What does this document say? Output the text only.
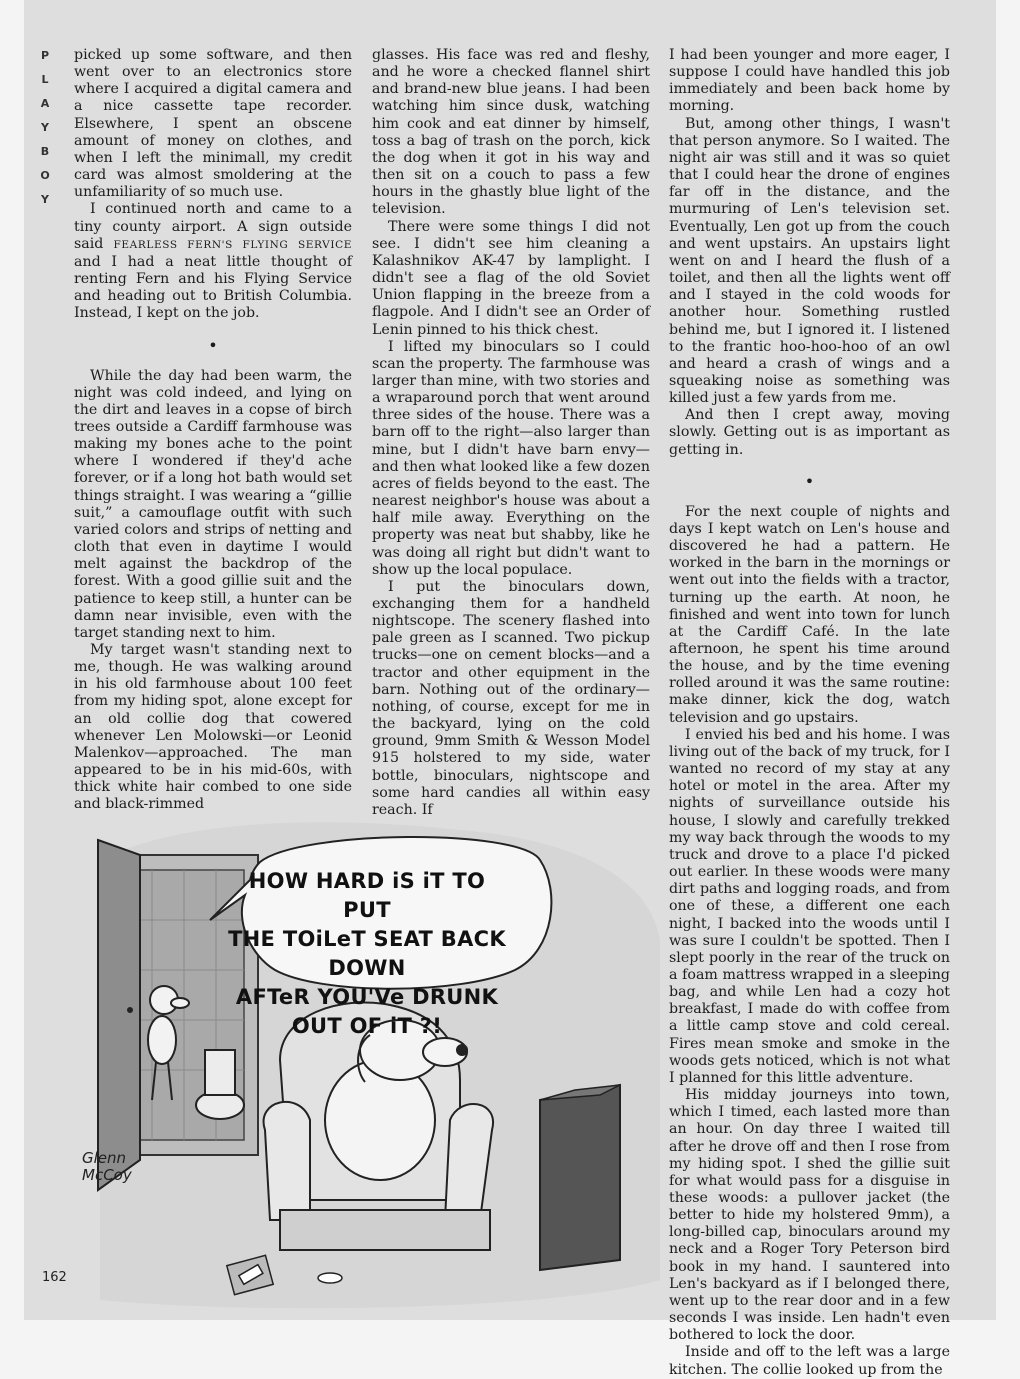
P
L
A
Y
B
O
Y

picked up some software, and then went over to an electronics store where I acquired a digital camera and a nice cassette tape recorder. Elsewhere, I spent an obscene amount of money on clothes, and when I left the minimall, my credit card was almost smoldering at the unfamiliarity of so much use.

I continued north and came to a tiny county airport. A sign outside said FEARLESS FERN'S FLYING SERVICE and I had a neat little thought of renting Fern and his Flying Service and heading out to British Columbia. Instead, I kept on the job.

•

While the day had been warm, the night was cold indeed, and lying on the dirt and leaves in a copse of birch trees outside a Cardiff farmhouse was making my bones ache to the point where I wondered if they'd ache forever, or if a long hot bath would set things straight. I was wearing a “gillie suit,” a camouflage outfit with such varied colors and strips of netting and cloth that even in daytime I would melt against the backdrop of the forest. With a good gillie suit and the patience to keep still, a hunter can be damn near invisible, even with the target standing next to him.

My target wasn't standing next to me, though. He was walking around in his old farmhouse about 100 feet from my hiding spot, alone except for an old collie dog that cowered whenever Len Molowski—or Leonid Malenkov—approached. The man appeared to be in his mid-60s, with thick white hair combed to one side and black-rimmed

glasses. His face was red and fleshy, and he wore a checked flannel shirt and brand-new blue jeans. I had been watching him since dusk, watching him cook and eat dinner by himself, toss a bag of trash on the porch, kick the dog when it got in his way and then sit on a couch to pass a few hours in the ghastly blue light of the television.

There were some things I did not see. I didn't see him cleaning a Kalashnikov AK-47 by lamplight. I didn't see a flag of the old Soviet Union flapping in the breeze from a flagpole. And I didn't see an Order of Lenin pinned to his thick chest.

I lifted my binoculars so I could scan the property. The farmhouse was larger than mine, with two stories and a wraparound porch that went around three sides of the house. There was a barn off to the right—also larger than mine, but I didn't have barn envy—and then what looked like a few dozen acres of fields beyond to the east. The nearest neighbor's house was about a half mile away. Everything on the property was neat but shabby, like he was doing all right but didn't want to show up the local populace.

I put the binoculars down, exchanging them for a handheld nightscope. The scenery flashed into pale green as I scanned. Two pickup trucks—one on cement blocks—and a tractor and other equipment in the barn. Nothing out of the ordinary—nothing, of course, except for me in the backyard, lying on the cold ground, 9mm Smith & Wesson Model 915 holstered to my side, water bottle, binoculars, nightscope and some hard candies all within easy reach. If

I had been younger and more eager, I suppose I could have handled this job immediately and been back home by morning.

But, among other things, I wasn't that person anymore. So I waited. The night air was still and it was so quiet that I could hear the drone of engines far off in the distance, and the murmuring of Len's television set. Eventually, Len got up from the couch and went upstairs. An upstairs light went on and I heard the flush of a toilet, and then all the lights went off and I stayed in the cold woods for another hour. Something rustled behind me, but I ignored it. I listened to the frantic hoo-hoo-hoo of an owl and heard a crash of wings and a squeaking noise as something was killed just a few yards from me.

And then I crept away, moving slowly. Getting out is as important as getting in.

•

For the next couple of nights and days I kept watch on Len's house and discovered he had a pattern. He worked in the barn in the mornings or went out into the fields with a tractor, turning up the earth. At noon, he finished and went into town for lunch at the Cardiff Café. In the late afternoon, he spent his time around the house, and by the time evening rolled around it was the same routine: make dinner, kick the dog, watch television and go upstairs.

I envied his bed and his home. I was living out of the back of my truck, for I wanted no record of my stay at any hotel or motel in the area. After my nights of surveillance outside his house, I slowly and carefully trekked my way back through the woods to my truck and drove to a place I'd picked out earlier. In these woods were many dirt paths and logging roads, and from one of these, a different one each night, I backed into the woods until I was sure I couldn't be spotted. Then I slept poorly in the rear of the truck on a foam mattress wrapped in a sleeping bag, and while Len had a cozy hot breakfast, I made do with coffee from a little camp stove and cold cereal. Fires mean smoke and smoke in the woods gets noticed, which is not what I planned for this little adventure.

His midday journeys into town, which I timed, each lasted more than an hour. On day three I waited till after he drove off and then I rose from my hiding spot. I shed the gillie suit for what would pass for a disguise in these woods: a pullover jacket (the better to hide my holstered 9mm), a long-billed cap, binoculars around my neck and a Roger Tory Peterson bird book in my hand. I sauntered into Len's backyard as if I belonged there, went up to the rear door and in a few seconds I was inside. Len hadn't even bothered to lock the door.

Inside and off to the left was a large kitchen. The collie looked up from the

HOW HARD iS iT TO PUT
THE TOiLeT SEAT BACK DOWN
AFTeR YOU'Ve DRUNK
OUT OF iT ?!
Glenn
McCoy
162
